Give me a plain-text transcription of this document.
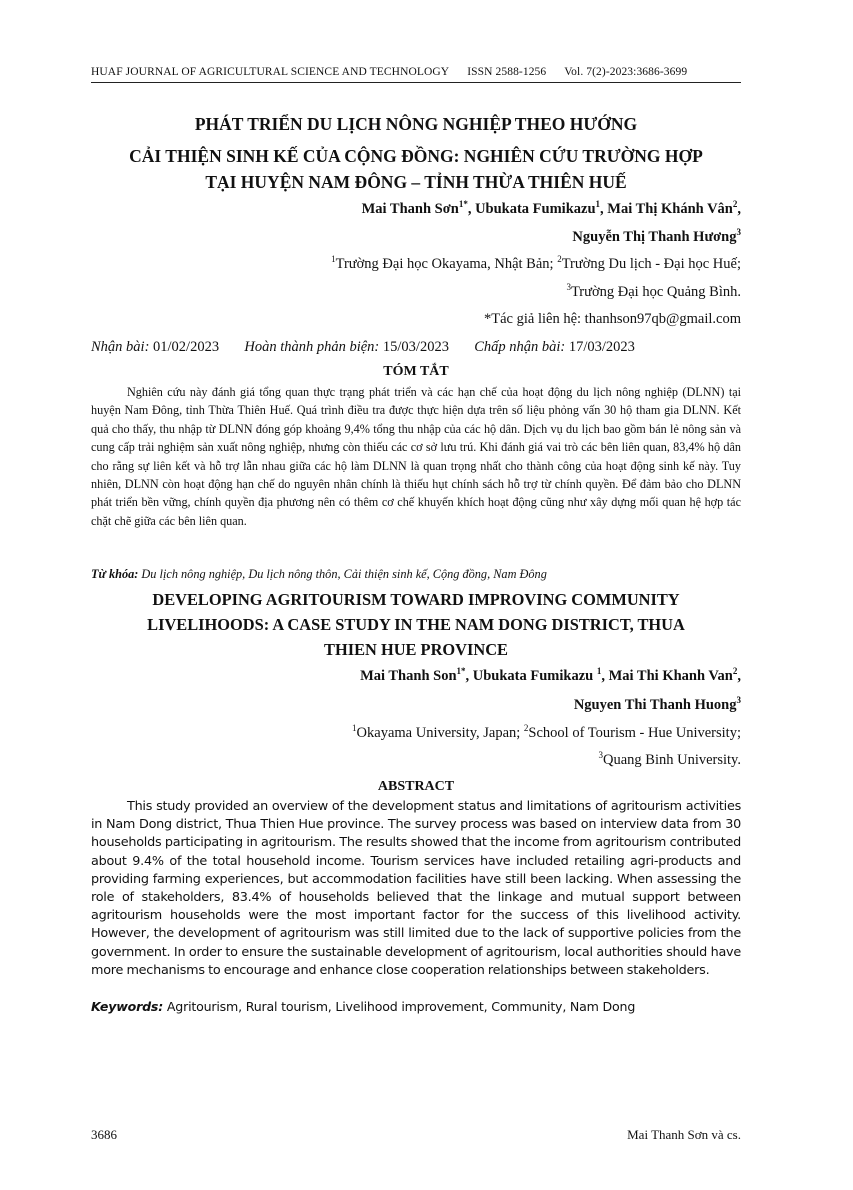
HUAF JOURNAL OF AGRICULTURAL SCIENCE AND TECHNOLOGY ISSN 2588-1256 Vol. 7(2)-2023:3686-3699
PHÁT TRIỂN DU LỊCH NÔNG NGHIỆP THEO HƯỚNG
CẢI THIỆN SINH KẾ CỦA CỘNG ĐỒNG: NGHIÊN CỨU TRƯỜNG HỢP
TẠI HUYỆN NAM ĐÔNG – TỈNH THỪA THIÊN HUẾ
Mai Thanh Sơn$^{1*}$, Ubukata Fumikazu$^1$, Mai Thị Khánh Vân$^2$,
Nguyễn Thị Thanh Hương$^3$
$^1$Trường Đại học Okayama, Nhật Bản; $^2$Trường Du lịch - Đại học Huế;
$^3$Trường Đại học Quảng Bình.
*Tác giả liên hệ: thanhson97qb@gmail.com
Nhận bài: 01/02/2023 Hoàn thành phản biện: 15/03/2023 Chấp nhận bài: 17/03/2023
TÓM TẮT
Nghiên cứu này đánh giá tổng quan thực trạng phát triển và các hạn chế của hoạt động du lịch nông nghiệp (DLNN) tại huyện Nam Đông, tỉnh Thừa Thiên Huế. Quá trình điều tra được thực hiện dựa trên số liệu phỏng vấn 30 hộ tham gia DLNN. Kết quả cho thấy, thu nhập từ DLNN đóng góp khoảng 9,4% tổng thu nhập của các hộ dân. Dịch vụ du lịch bao gồm bán lẻ nông sản và cung cấp trải nghiệm sản xuất nông nghiệp, nhưng còn thiếu các cơ sở lưu trú. Khi đánh giá vai trò các bên liên quan, 83,4% hộ dân cho rằng sự liên kết và hỗ trợ lẫn nhau giữa các hộ làm DLNN là quan trọng nhất cho thành công của hoạt động sinh kế này. Tuy nhiên, DLNN còn hoạt động hạn chế do nguyên nhân chính là thiếu hụt chính sách hỗ trợ từ chính quyền. Để đảm bảo cho DLNN phát triển bền vững, chính quyền địa phương nên có thêm cơ chế khuyến khích hoạt động cũng như xây dựng mối quan hệ hợp tác chặt chẽ giữa các bên liên quan.
Từ khóa: Du lịch nông nghiệp, Du lịch nông thôn, Cải thiện sinh kế, Cộng đồng, Nam Đông
DEVELOPING AGRITOURISM TOWARD IMPROVING COMMUNITY
LIVELIHOODS: A CASE STUDY IN THE NAM DONG DISTRICT, THUA
THIEN HUE PROVINCE
Mai Thanh Son$^{1*}$, Ubukata Fumikazu $^1$, Mai Thi Khanh Van$^2$,
Nguyen Thi Thanh Huong$^3$
$^1$Okayama University, Japan; $^2$School of Tourism - Hue University;
$^3$Quang Binh University.
ABSTRACT
This study provided an overview of the development status and limitations of agritourism activities in Nam Dong district, Thua Thien Hue province. The survey process was based on interview data from 30 households participating in agritourism. The results showed that the income from agritourism contributed about 9.4% of the total household income. Tourism services have included retailing agri-products and providing farming experiences, but accommodation facilities have still been lacking. When assessing the role of stakeholders, 83.4% of households believed that the linkage and mutual support between agritourism households were the most important factor for the success of this livelihood activity. However, the development of agritourism was still limited due to the lack of supportive policies from the government. In order to ensure the sustainable development of agritourism, local authorities should have more mechanisms to encourage and enhance close cooperation relationships between stakeholders.
Keywords: Agritourism, Rural tourism, Livelihood improvement, Community, Nam Dong
3686	Mai Thanh Sơn và cs.
